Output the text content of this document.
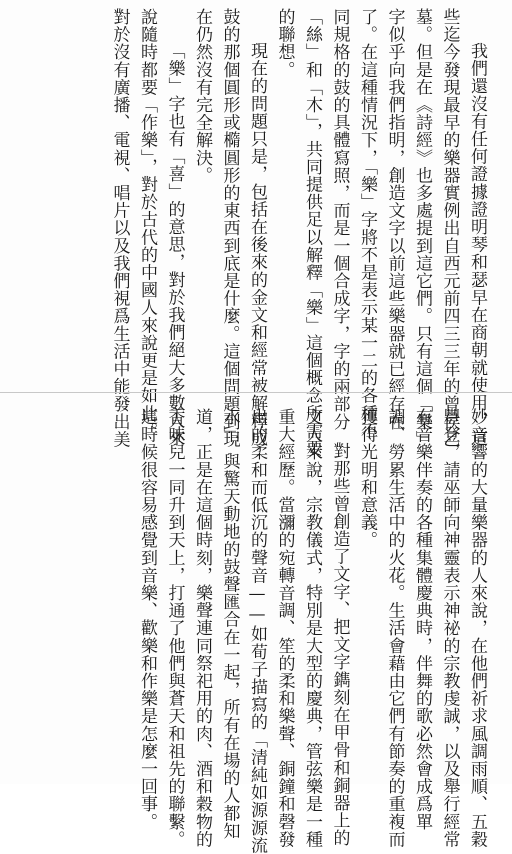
我們還沒有任何證據證明琴和瑟早在商朝就使用，這

些迄今發現最早的樂器實例出自西元前四三三年的曾侯乙

墓。但是在《詩經》也多處提到這它們。只有這個「樂」

字似乎向我們指明，創造文字以前這些樂器就已經存在

了。在這種情況下，「樂」字將不是表示某一二的各種不

同規格的鼓的具體寫照，而是一個合成字，字的兩部分

「絲」和「木」，共同提供足以解釋「樂」這個概念所需要

的聯想。

現在的問題只是，包括在後來的金文和經常被解釋成

鼓的那個圓形或橢圓形的東西到底是什麼。這個問題到現

在仍然沒有完全解決。

「樂」字也有「喜」的意思，對於我們絕大多數人來

說隨時都要「作樂」，對於古代的中國人來說更是如此。

對於沒有廣播、電視、唱片以及我們視爲生活中能發出美

妙音響的大量樂器的人來說，在他們祈求風調雨順、五穀

豐登，請巫師向神靈表示神祕的宗教虔誠，以及舉行經常

有音樂伴奏的各種集體慶典時，伴舞的歌必然會成爲單

調、勞累生活中的火花。生活會藉由它們有節奏的重複而

獲得光明和意義。

對那些曾創造了文字、把文字鐫刻在甲骨和銅器上的

文人來說，宗教儀式，特別是大型的慶典，管弦樂是一種

重大經歷。當瀰的宛轉音調、笙的柔和樂聲、銅鐘和磬發

出的柔和而低沉的聲音——如荀子描寫的「清純如源源流

水」，與驚天動地的鼓聲匯合在一起，所有在場的人都知

道，正是在這個時刻，樂聲連同祭祀用的肉、酒和穀物的

香味兒一同升到天上，打通了他們與蒼天和祖先的聯繫。

這時候很容易感覺到音樂、歡樂和作樂是怎麼一回事。
